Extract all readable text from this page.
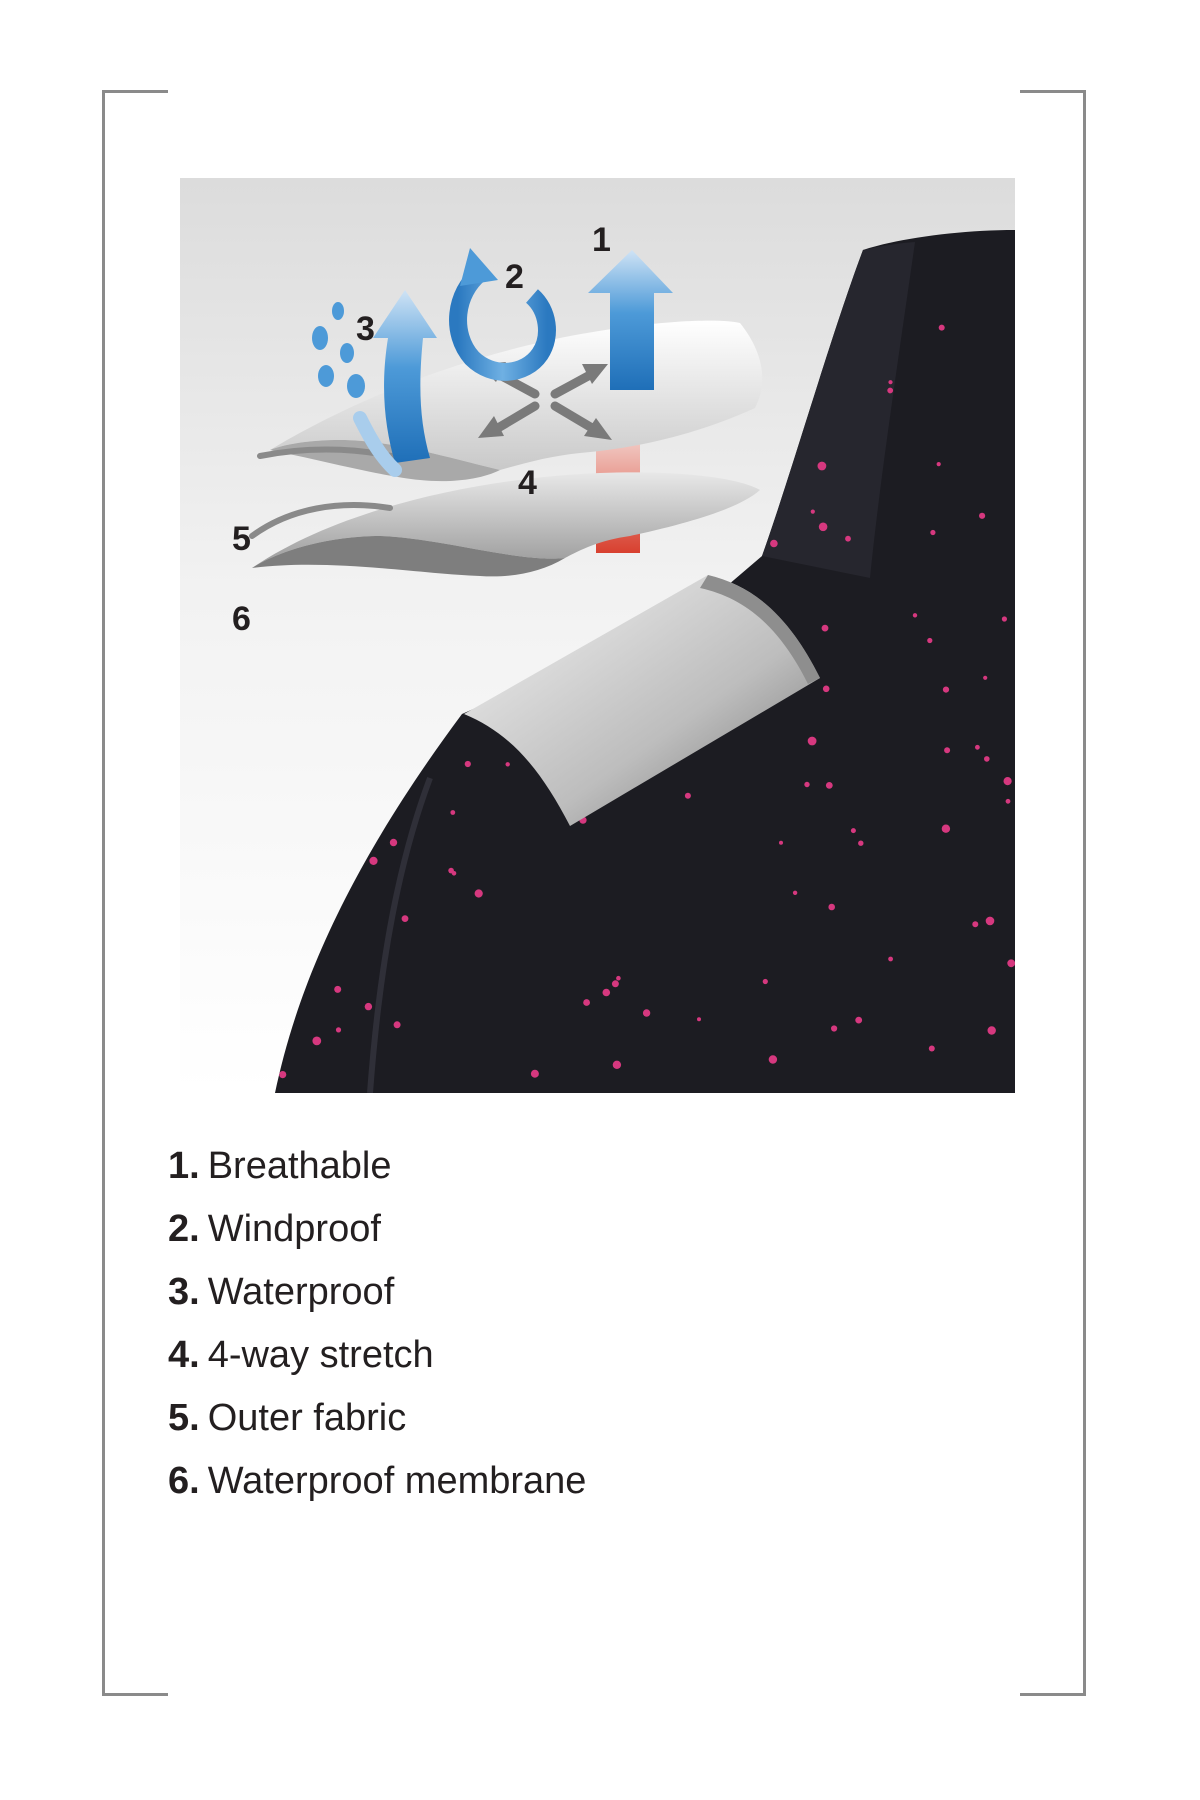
1
2
3
4
5
6
1. Breathable
2. Windproof
3. Waterproof
4. 4-way stretch
5. Outer fabric
6. Waterproof membrane
